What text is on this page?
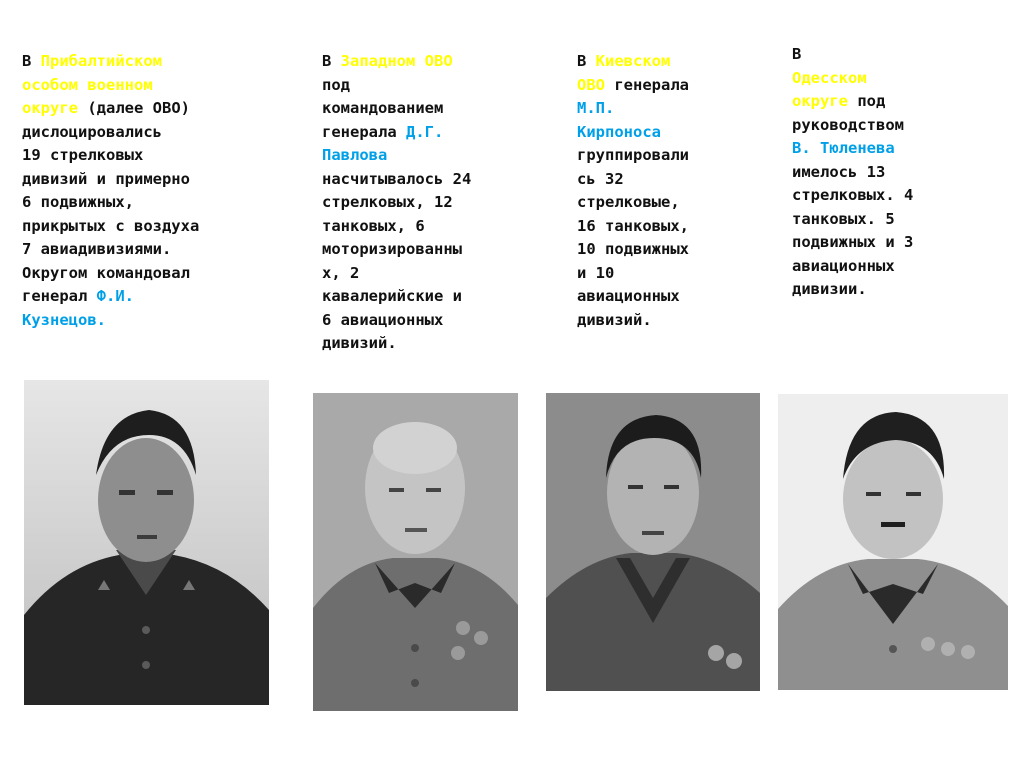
В Прибалтийском
особом военном
округе (далее ОВО)
дислоцировались
19 стрелковых
дивизий и примерно
6 подвижных,
прикрытых с воздуха
7 авиадивизиями.
Округом командовал
генерал Ф.И.
Кузнецов.
В Западном ОВО
под
командованием
генерала Д.Г.
Павлова
насчитывалось 24
стрелковых, 12
танковых, 6
моторизированны
х, 2
кавалерийские и
6 авиационных
дивизий.
В Киевском
ОВО генерала
М.П.
Кирпоноса
группировали
сь 32
стрелковые,
16 танковых,
10 подвижных
и 10
авиационных
дивизий.
В
Одесском
округе под
руководством
В. Тюленева
имелось 13
стрелковых. 4
танковых. 5
подвижных и 3
авиационных
дивизии.
